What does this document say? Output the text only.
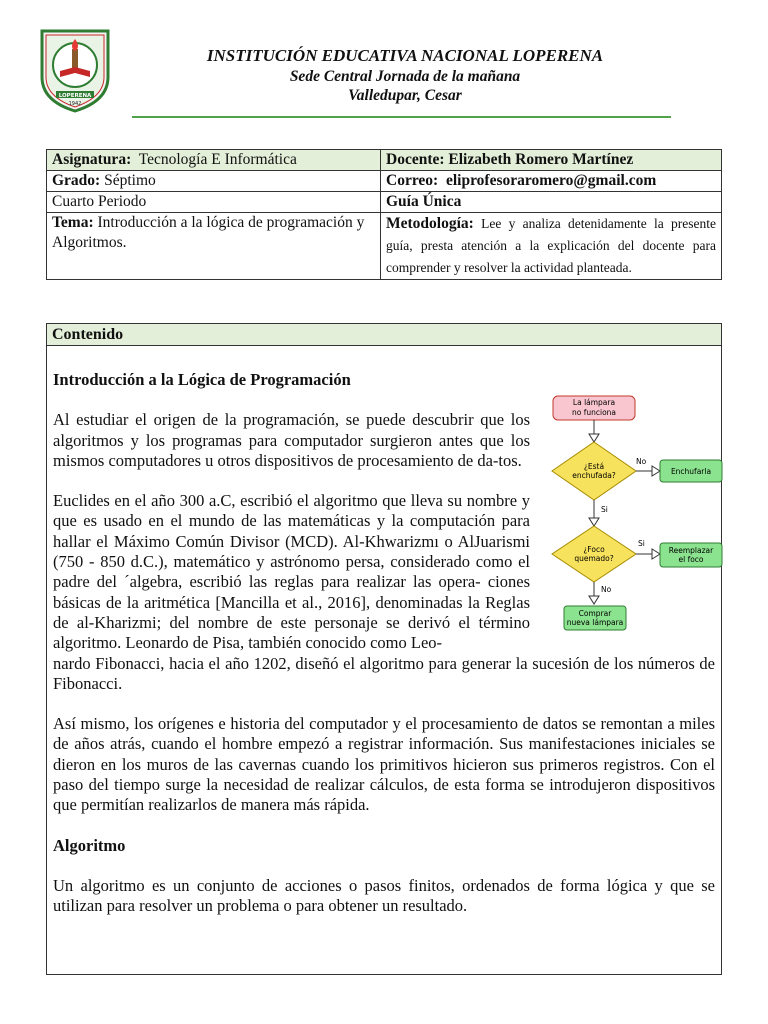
LOPERENA
1942
INSTITUCIÓN EDUCATIVA NACIONAL LOPERENA
Sede Central Jornada de la mañana
Valledupar, Cesar
Asignatura: Tecnología E Informática	Docente: Elizabeth Romero Martínez
Grado: Séptimo	Correo: eliprofesoraromero@gmail.com
Cuarto Periodo	Guía Única
Tema: Introducción a la lógica de programación y Algoritmos.	Metodología: Lee y analiza detenidamente la presente guía, presta atención a la explicación del docente para comprender y resolver la actividad planteada.
Contenido

Introducción a la Lógica de Programación

Al estudiar el origen de la programación, se puede descubrir que los algoritmos y los programas para computador surgieron antes que los mismos computadores u otros dispositivos de procesamiento de da-tos.

Euclides en el año 300 a.C, escribió el algoritmo que lleva su nombre y que es usado en el mundo de las matemáticas y la computación para hallar el Máximo Común Divisor (MCD). Al-Khwarizmı o AlJuarismi (750 - 850 d.C.), matemático y astrónomo persa, considerado como el padre del ´algebra, escribió las reglas para realizar las opera- ciones básicas de la aritmética [Mancilla et al., 2016], denominadas la Reglas de al-Kharizmi; del nombre de este personaje se derivó el término algoritmo. Leonardo de Pisa, también conocido como Leo-

nardo Fibonacci, hacia el año 1202, diseñó el algoritmo para generar la sucesión de los números de Fibonacci.

Así mismo, los orígenes e historia del computador y el procesamiento de datos se remontan a miles de años atrás, cuando el hombre empezó a registrar información. Sus manifestaciones iniciales se dieron en los muros de las cavernas cuando los primitivos hicieron sus primeros registros. Con el paso del tiempo surge la necesidad de realizar cálculos, de esta forma se introdujeron dispositivos que permitían realizarlos de manera más rápida.

Algoritmo

Un algoritmo es un conjunto de acciones o pasos finitos, ordenados de forma lógica y que se utilizan para resolver un problema o para obtener un resultado.

La lámpara
no funciona
¿Está
enchufada?
No
Enchufarla
Si
¿Foco
quemado?
Si
Reemplazar
el foco
No
Comprar
nueva lámpara
